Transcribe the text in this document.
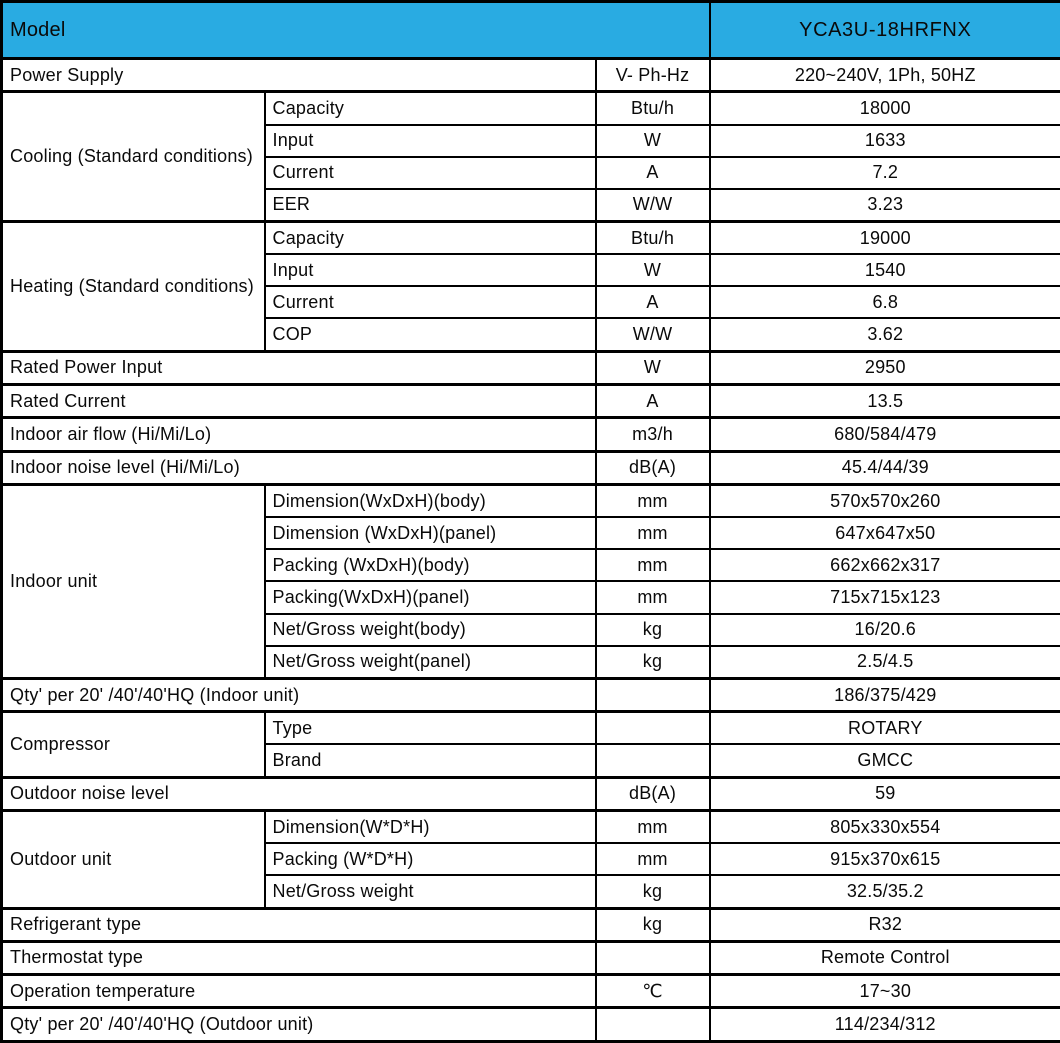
Model			YCA3U-18HRFNX
Power Supply		V- Ph-Hz	220~240V, 1Ph, 50HZ
Cooling (Standard conditions)	Capacity	Btu/h	18000
	Input	W	1633
	Current	A	7.2
	EER	W/W	3.23
Heating (Standard conditions)	Capacity	Btu/h	19000
	Input	W	1540
	Current	A	6.8
	COP	W/W	3.62
Rated Power Input		W	2950
Rated Current		A	13.5
Indoor air flow (Hi/Mi/Lo)		m3/h	680/584/479
Indoor noise level (Hi/Mi/Lo)		dB(A)	45.4/44/39
Indoor unit	Dimension(WxDxH)(body)	mm	570x570x260
	Dimension (WxDxH)(panel)	mm	647x647x50
	Packing (WxDxH)(body)	mm	662x662x317
	Packing(WxDxH)(panel)	mm	715x715x123
	Net/Gross weight(body)	kg	16/20.6
	Net/Gross weight(panel)	kg	2.5/4.5
Qty' per 20' /40'/40'HQ (Indoor unit)			186/375/429
Compressor	Type		ROTARY
	Brand		GMCC
Outdoor noise level		dB(A)	59
Outdoor unit	Dimension(W*D*H)	mm	805x330x554
	Packing (W*D*H)	mm	915x370x615
	Net/Gross weight	kg	32.5/35.2
Refrigerant type		kg	R32
Thermostat type			Remote Control
Operation temperature		℃	17~30
Qty' per 20' /40'/40'HQ (Outdoor unit)			114/234/312
